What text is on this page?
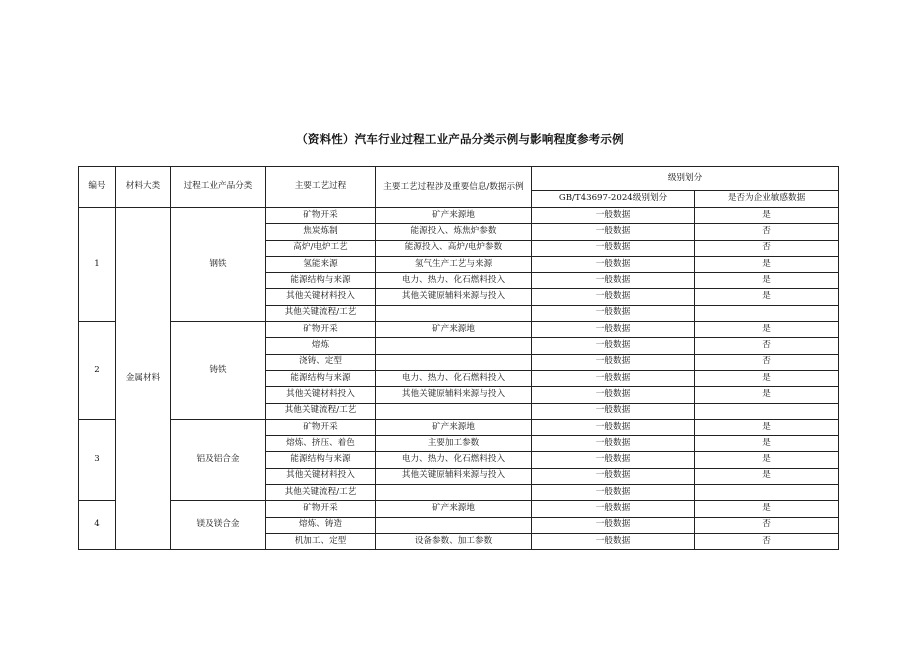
（资料性）汽车行业过程工业产品分类示例与影响程度参考示例
编号	材料大类	过程工业产品分类	主要工艺过程	主要工艺过程涉及重要信息/数据示例	级别划分	
					GB/T43697-2024级别划分	是否为企业敏感数据
1	金属材料	钢铁	矿物开采	矿产来源地	一般数据	是
			焦炭炼制	能源投入、炼焦炉参数	一般数据	否
			高炉/电炉工艺	能源投入、高炉/电炉参数	一般数据	否
			氢能来源	氢气生产工艺与来源	一般数据	是
			能源结构与来源	电力、热力、化石燃料投入	一般数据	是
			其他关键材料投入	其他关键原辅料来源与投入	一般数据	是
			其他关键流程/工艺		一般数据	
2		铸铁	矿物开采	矿产来源地	一般数据	是
			熔炼		一般数据	否
			浇铸、定型		一般数据	否
			能源结构与来源	电力、热力、化石燃料投入	一般数据	是
			其他关键材料投入	其他关键原辅料来源与投入	一般数据	是
			其他关键流程/工艺		一般数据	
3		铝及铝合金	矿物开采	矿产来源地	一般数据	是
			熔炼、挤压、着色	主要加工参数	一般数据	是
			能源结构与来源	电力、热力、化石燃料投入	一般数据	是
			其他关键材料投入	其他关键原辅料来源与投入	一般数据	是
			其他关键流程/工艺		一般数据	
4		镁及镁合金	矿物开采	矿产来源地	一般数据	是
			熔炼、铸造		一般数据	否
			机加工、定型	设备参数、加工参数	一般数据	否
